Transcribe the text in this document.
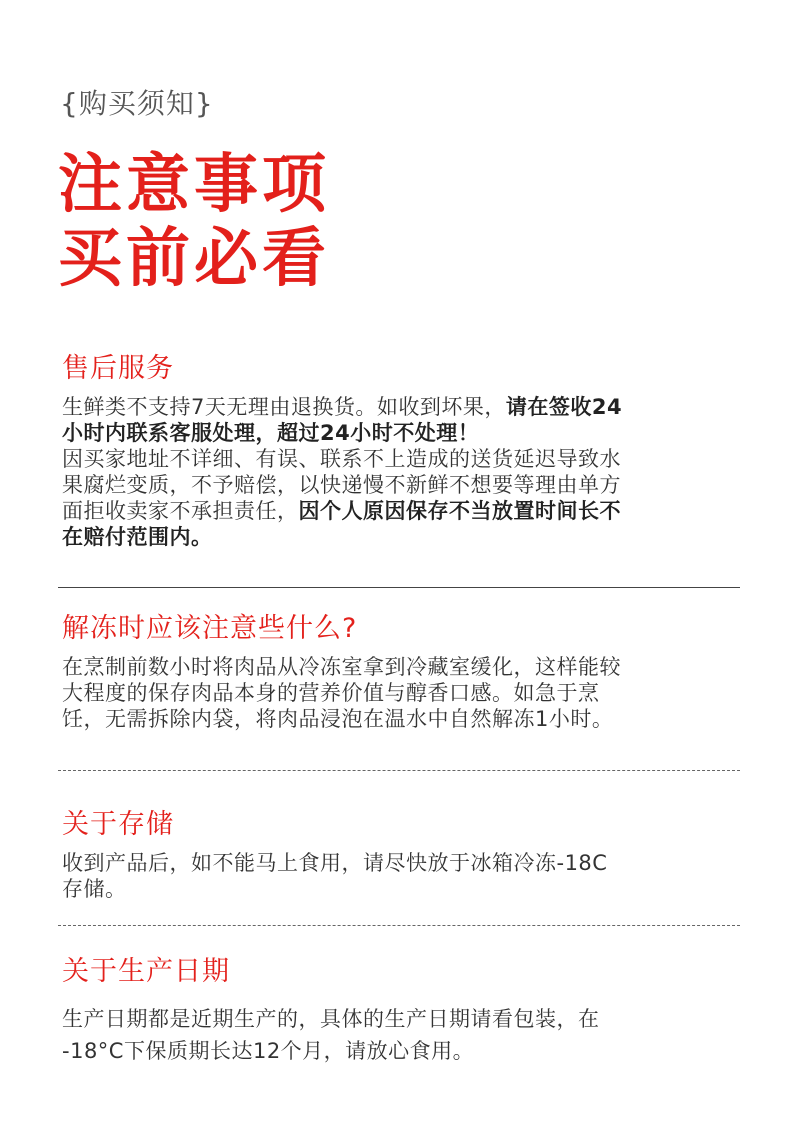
{购买须知}
注意事项
买前必看
售后服务

生鲜类不支持7天无理由退换货。如收到坏果，请在签收24
小时内联系客服处理，超过24小时不处理！
因买家地址不详细、有误、联系不上造成的送货延迟导致水
果腐烂变质，不予赔偿，以快递慢不新鲜不想要等理由单方
面拒收卖家不承担责任，因个人原因保存不当放置时间长不
在赔付范围内。

解冻时应该注意些什么?

在烹制前数小时将肉品从冷冻室拿到冷藏室缓化，这样能较
大程度的保存肉品本身的营养价值与醇香口感。如急于烹
饪，无需拆除内袋，将肉品浸泡在温水中自然解冻1小时。

关于存储

收到产品后，如不能马上食用，请尽快放于冰箱冷冻-18C
存储。

关于生产日期

生产日期都是近期生产的，具体的生产日期请看包装，在
-18°C下保质期长达12个月，请放心食用。
